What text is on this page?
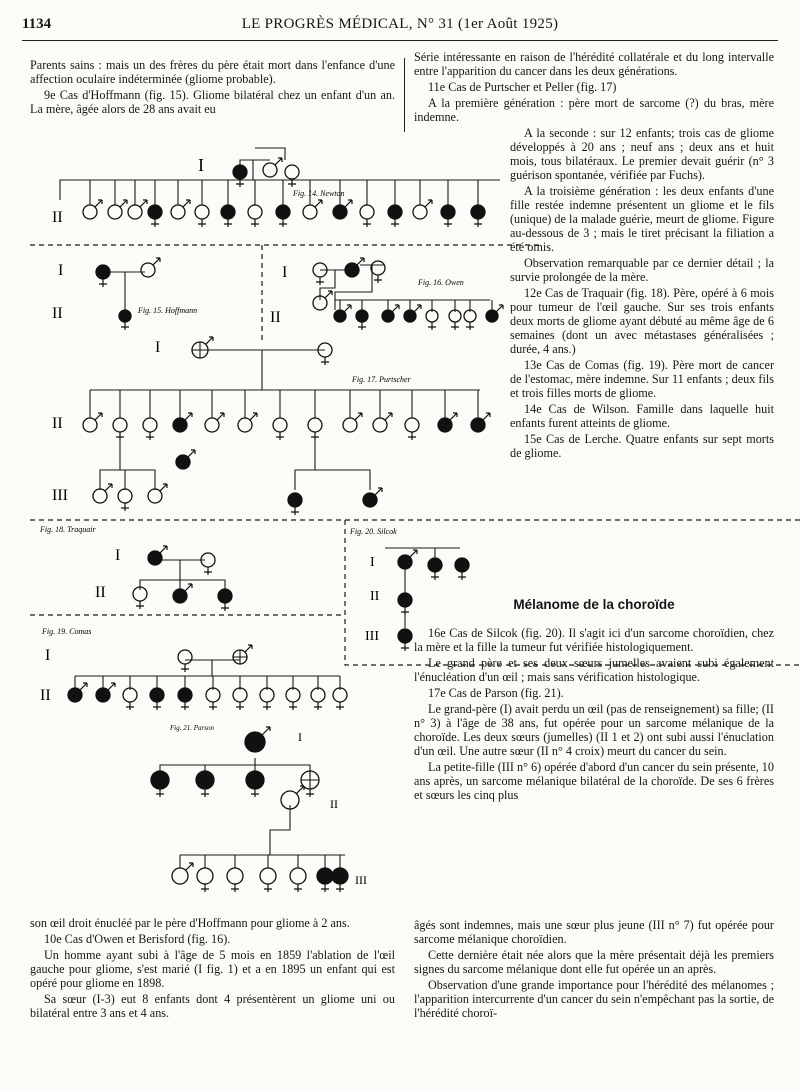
1134	LE PROGRÈS MÉDICAL, N° 31 (1er Août 1925)

Parents sains : mais un des frères du père était mort dans l'enfance d'une affection oculaire indéterminée (gliome probable).

9e Cas d'Hoffmann (fig. 15). Gliome bilatéral chez un enfant d'un an. La mère, âgée alors de 28 ans avait eu

Série intéressante en raison de l'hérédité collatérale et du long intervalle entre l'apparition du cancer dans les deux générations.

11e Cas de Purtscher et Peller (fig. 17)

A la première génération : père mort de sarcome (?) du bras, mère indemne.

A la seconde : sur 12 enfants; trois cas de gliome développés à 20 ans ; neuf ans ; deux ans et huit mois, tous bilatéraux. Le premier devait guérir (n° 3 guérison spontanée, vérifiée par Fuchs).

A la troisième génération : les deux enfants d'une fille restée indemne présentent un gliome et le fils (unique) de la malade guérie, meurt de gliome. Figure au-dessous de 3 ; mais le tiret précisant la filiation a été omis.

Observation remarquable par ce dernier détail ; la survie prolongée de la mère.

12e Cas de Traquair (fig. 18). Père, opéré à 6 mois pour tumeur de l'œil gauche. Sur ses trois enfants deux morts de gliome ayant débuté au même âge de 6 semaines (dont un avec métastases généralisées ; durée, 4 ans.)

13e Cas de Comas (fig. 19). Père mort de cancer de l'estomac, mère indemne. Sur 11 enfants ; deux fils et trois filles morts de gliome.

14e Cas de Wilson. Famille dans laquelle huit enfants furent atteints de gliome.

15e Cas de Lerche. Quatre enfants sur sept morts de gliome.

Mélanome de la choroïde

16e Cas de Silcok (fig. 20). Il s'agit ici d'un sarcome choroïdien, chez la mère et la fille la tumeur fut vérifiée histologiquement.

Le grand père et ses deux sœurs jumelles avaient subi également l'énucléation d'un œil ; mais sans vérification histologique.

17e Cas de Parson (fig. 21).

Le grand-père (I) avait perdu un œil (pas de renseignement) sa fille; (II n° 3) à l'âge de 38 ans, fut opérée pour un sarcome mélanique de la choroïde. Les deux sœurs (jumelles) (II 1 et 2) ont subi aussi l'énuclation d'un œil. Une autre sœur (II n° 4 croix) meurt du cancer du sein.

La petite-fille (III n° 6) opérée d'abord d'un cancer du sein présente, 10 ans après, un sarcome mélanique bilatéral de la choroïde. De ses 6 frères et sœurs les cinq plus

son œil droit énucléé par le père d'Hoffmann pour gliome à 2 ans.

10e Cas d'Owen et Berisford (fig. 16).

Un homme ayant subi à l'âge de 5 mois en 1859 l'ablation de l'œil gauche pour gliome, s'est marié (I fig. 1) et a en 1895 un enfant qui est opéré pour gliome en 1898.

Sa sœur (I-3) eut 8 enfants dont 4 présentèrent un gliome uni ou bilatéral entre 3 ans et 4 ans.

âgés sont indemnes, mais une sœur plus jeune (III n° 7) fut opérée pour sarcome mélanique choroïdien.

Cette dernière était née alors que la mère présentait déjà les premiers signes du sarcome mélanique dont elle fut opérée un an après.

Observation d'une grande importance pour l'hérédité des mélanomes ; l'apparition intercurrente d'un cancer du sein n'empêchant pas la sortie, de l'hérédité choroï-

I
II
Fig. 14. Newton
I
II	Fig. 15. Hoffmann
I
II
Fig. 16. Owen
I
II
III
Fig. 17. Purtscher
Fig. 18. Traquair
I
II
Fig. 20. Silcok
I
II
III
Fig. 19. Comas
I
II
Fig. 21. Parson
I
II
III
